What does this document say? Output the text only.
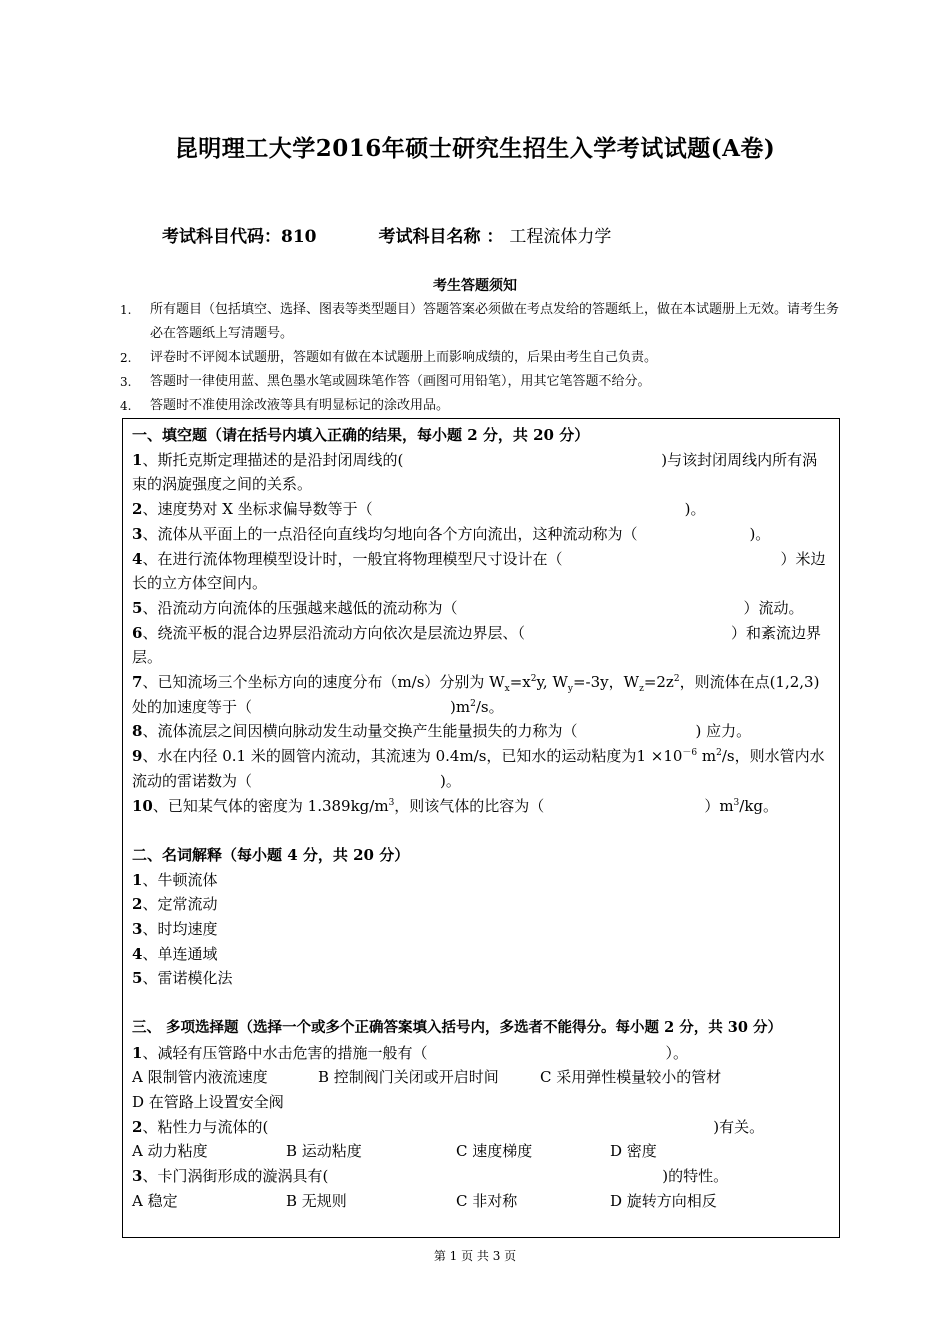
昆明理工大学2016年硕士研究生招生入学考试试题(A卷)
考试科目代码：810	考试科目名称 ： 工程流体力学
考生答题须知
1.	所有题目（包括填空、选择、图表等类型题目）答题答案必须做在考点发给的答题纸上，做在本试题册上无效。请考生务必在答题纸上写清题号。
2.	评卷时不评阅本试题册，答题如有做在本试题册上而影响成绩的，后果由考生自己负责。
3.	答题时一律使用蓝、黑色墨水笔或圆珠笔作答（画图可用铅笔），用其它笔答题不给分。
4.	答题时不准使用涂改液等具有明显标记的涂改用品。
一、填空题（请在括号内填入正确的结果，每小题 2 分，共 20 分）
1、斯托克斯定理描述的是沿封闭周线的(	)与该封闭周线内所有涡束的涡旋强度之间的关系。
2、速度势对 X 坐标求偏导数等于（	)。
3、流体从平面上的一点沿径向直线均匀地向各个方向流出，这种流动称为（	)。
4、在进行流体物理模型设计时，一般宜将物理模型尺寸设计在（	）米边长的立方体空间内。
5、沿流动方向流体的压强越来越低的流动称为（	）流动。
6、绕流平板的混合边界层沿流动方向依次是层流边界层、（	）和紊流边界层。
7、已知流场三个坐标方向的速度分布（m/s）分别为 $W_x=x^2y$, $W_y=-3y$，$W_z=2z^2$，则流体在点(1,2,3)处的加速度等于（	)$m^2/s$。
8、流体流层之间因横向脉动发生动量交换产生能量损失的力称为（	) 应力。
9、水在内径 0.1 米的圆管内流动，其流速为 0.4m/s，已知水的运动粘度为$1 \times 10^{-6}$ $m^2/s$，则水管内水流动的雷诺数为（	)。
10、已知某气体的密度为 $1.389kg/m^3$，则该气体的比容为（	）$m^3/kg$。
二、名词解释（每小题 4 分，共 20 分）
1、牛顿流体
2、定常流动
3、时均速度
4、单连通域
5、雷诺模化法
三、 多项选择题（选择一个或多个正确答案填入括号内，多选者不能得分。每小题 2 分，共 30 分）
1、减轻有压管路中水击危害的措施一般有（	）。
A 限制管内液流速度	B 控制阀门关闭或开启时间	C 采用弹性模量较小的管材
D 在管路上设置安全阀
2、粘性力与流体的(	)有关。
A 动力粘度	B 运动粘度	C 速度梯度	D 密度
3、卡门涡街形成的漩涡具有(	)的特性。
A 稳定	B 无规则	C 非对称	D 旋转方向相反
第 1 页 共 3 页
